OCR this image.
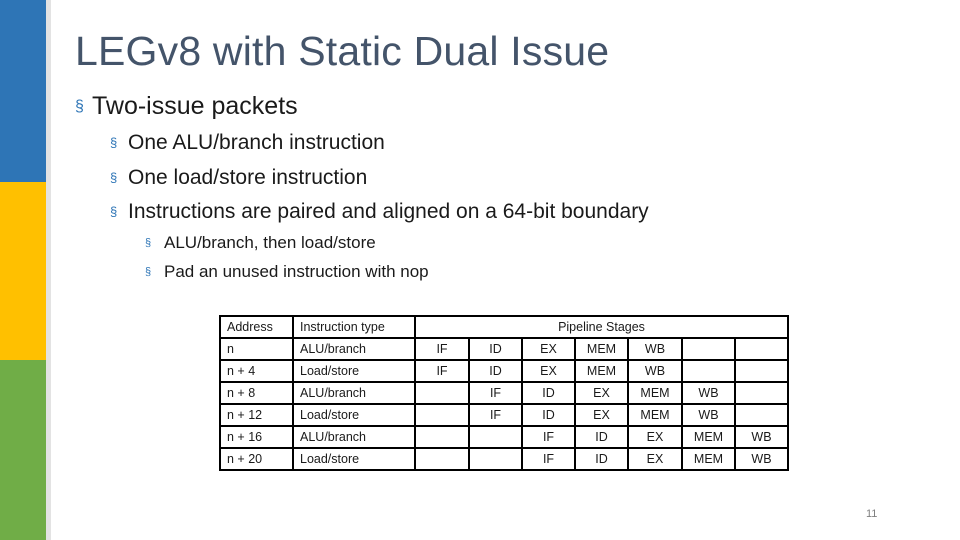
LEGv8 with Static Dual Issue
§ Two-issue packets
§ One ALU/branch instruction
§ One load/store instruction
§ Instructions are paired and aligned on a 64-bit boundary
§ ALU/branch, then load/store
§ Pad an unused instruction with nop
Address	Instruction type	Pipeline Stages						
n	ALU/branch	IF	ID	EX	MEM	WB		
n + 4	Load/store	IF	ID	EX	MEM	WB		
n + 8	ALU/branch		IF	ID	EX	MEM	WB	
n + 12	Load/store		IF	ID	EX	MEM	WB	
n + 16	ALU/branch			IF	ID	EX	MEM	WB
n + 20	Load/store			IF	ID	EX	MEM	WB
11
